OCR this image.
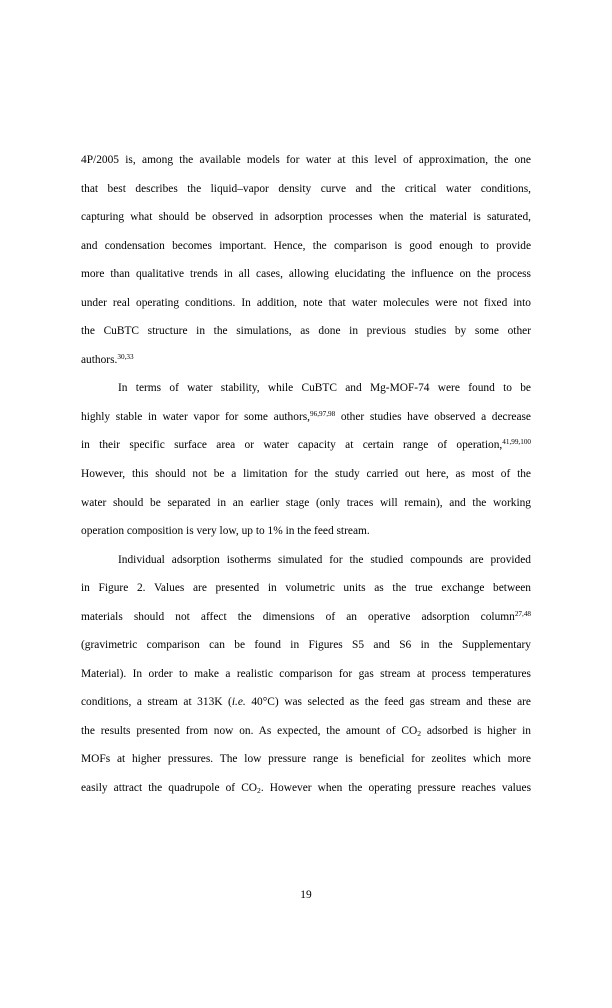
4P/2005 is, among the available models for water at this level of approximation, the one
that best describes the liquid–vapor density curve and the critical water conditions,
capturing what should be observed in adsorption processes when the material is saturated,
and condensation becomes important. Hence, the comparison is good enough to provide
more than qualitative trends in all cases, allowing elucidating the influence on the process
under real operating conditions. In addition, note that water molecules were not fixed into
the CuBTC structure in the simulations, as done in previous studies by some other
authors.$^{30,33}$
In terms of water stability, while CuBTC and Mg-MOF-74 were found to be
highly stable in water vapor for some authors,$^{96,97,98}$ other studies have observed a decrease
in their specific surface area or water capacity at certain range of operation,$^{41,99,100}$
However, this should not be a limitation for the study carried out here, as most of the
water should be separated in an earlier stage (only traces will remain), and the working
operation composition is very low, up to 1% in the feed stream.
Individual adsorption isotherms simulated for the studied compounds are provided
in Figure 2. Values are presented in volumetric units as the true exchange between
materials should not affect the dimensions of an operative adsorption column$^{27,48}$
(gravimetric comparison can be found in Figures S5 and S6 in the Supplementary
Material). In order to make a realistic comparison for gas stream at process temperatures
conditions, a stream at 313K (i.e. 40°C) was selected as the feed gas stream and these are
the results presented from now on. As expected, the amount of $CO_2$ adsorbed is higher in
MOFs at higher pressures. The low pressure range is beneficial for zeolites which more
easily attract the quadrupole of $CO_2$. However when the operating pressure reaches values
19
